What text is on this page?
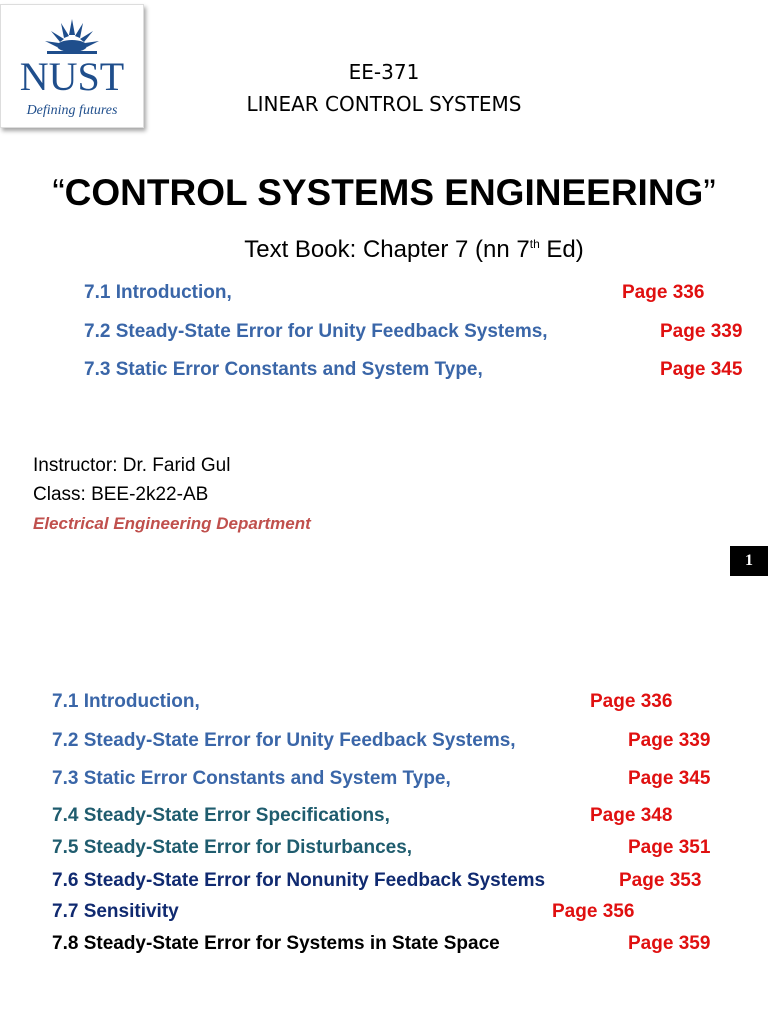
NUST
Defining futures
EE-371
LINEAR CONTROL SYSTEMS
“CONTROL SYSTEMS ENGINEERING”
Text Book: Chapter 7 (nn 7th Ed)
7.1 Introduction,	Page 336
7.2 Steady-State Error for Unity Feedback Systems,	Page 339
7.3 Static Error Constants and System Type,	Page 345
Instructor: Dr. Farid Gul
Class: BEE-2k22-AB
Electrical Engineering Department
1
7.1 Introduction,	Page 336
7.2 Steady-State Error for Unity Feedback Systems,	Page 339
7.3 Static Error Constants and System Type,	Page 345
7.4 Steady-State Error Specifications,	Page 348
7.5 Steady-State Error for Disturbances,	Page 351
7.6 Steady-State Error for Nonunity Feedback Systems	Page 353
7.7 Sensitivity	Page 356
7.8 Steady-State Error for Systems in State Space	Page 359
